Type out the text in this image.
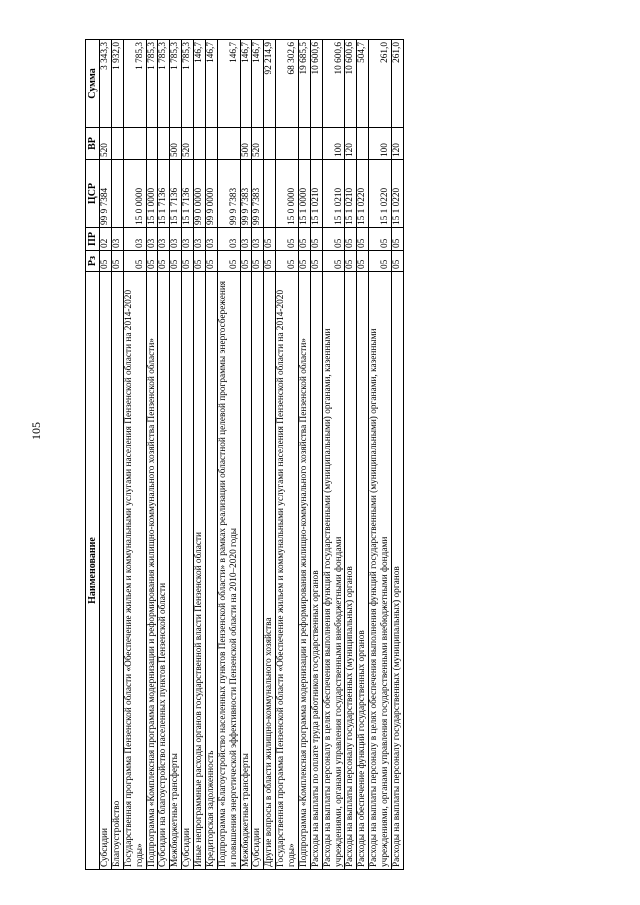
105
Наименование	Рз	ПР	ЦСР	ВР	Сумма
Субсидии	05	02	99 9 7384	520	3 343,3
Благоустройство	05	03			1 932,0
Государственная программа Пензенской области «Обеспечение жильем и коммунальными услугами населения Пензенской области на 2014-2020 годы»	05	03	15 0 0000		1 785,3
Подпрограмма «Комплексная программа модернизации и реформирования жилищно-коммунального хозяйства Пензенской области»	05	03	15 1 0000		1 785,3
Субсидии на благоустройство населенных пунктов Пензенской области	05	03	15 1 7136		1 785,3
Межбюджетные трансферты	05	03	15 1 7136	500	1 785,3
Субсидии	05	03	15 1 7136	520	1 785,3
Иные непрограммные расходы органов государственной власти Пензенской области	05	03	99 0 0000		146,7
Кредиторская задолженность	05	03	99 9 0000		146,7
Подпрограмма «Благоустройство населенных пунктов Пензенской области» в рамках реализации областной целевой программы энергосбережения и повышения энергетической эффективности Пензенской области на 2010–2020 годы	05	03	99 9 7383		146,7
Межбюджетные трансферты	05	03	99 9 7383	500	146,7
Субсидии	05	03	99 9 7383	520	146,7
Другие вопросы в области жилищно-коммунального хозяйства	05	05			92 214,9
Государственная программа Пензенской области «Обеспечение жильем и коммунальными услугами населения Пензенской области на 2014-2020 годы»	05	05	15 0 0000		68 302,6
Подпрограмма «Комплексная программа модернизации и реформирования жилищно-коммунального хозяйства Пензенской области»	05	05	15 1 0000		19 685,5
Расходы на выплаты по оплате труда работников государственных органов	05	05	15 1 0210		10 600,6
Расходы на выплаты персоналу в целях обеспечения выполнения функций государственными (муниципальными) органами, казенными учреждениями, органами управления государственными внебюджетными фондами	05	05	15 1 0210	100	10 600,6
Расходы на выплаты персоналу государственных (муниципальных) органов	05	05	15 1 0210	120	10 600,6
Расходы на обеспечение функций государственных органов	05	05	15 1 0220		504,7
Расходы на выплаты персоналу в целях обеспечения выполнения функций государственными (муниципальными) органами, казенными учреждениями, органами управления государственными внебюджетными фондами	05	05	15 1 0220	100	261,0
Расходы на выплаты персоналу государственных (муниципальных) органов	05	05	15 1 0220	120	261,0
